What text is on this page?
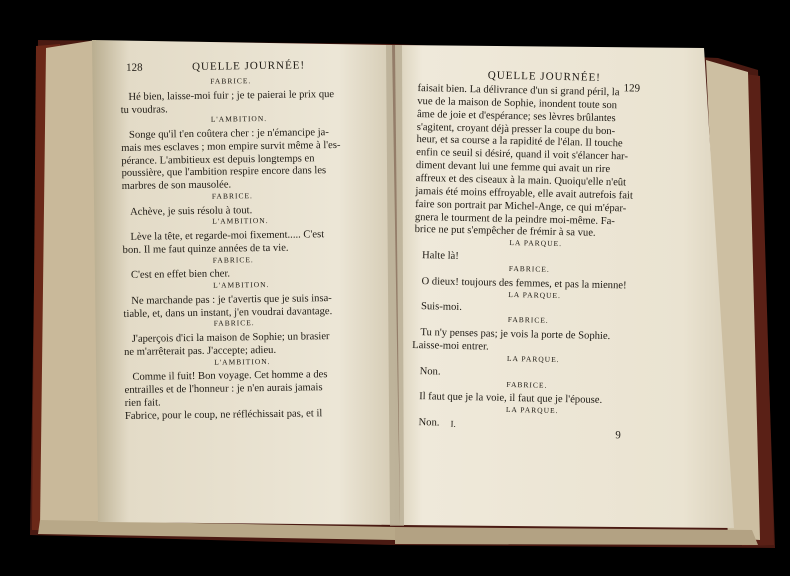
128	QUELLE JOURNÉE!
FABRICE.
Hé bien, laisse-moi fuir ; je te paierai le prix que
tu voudras.
L'AMBITION.
Songe qu'il t'en coûtera cher : je n'émancipe ja-
mais mes esclaves ; mon empire survit même à l'es-
pérance. L'ambitieux est depuis longtemps en
poussière, que l'ambition respire encore dans les
marbres de son mausolée.
FABRICE.
Achève, je suis résolu à tout.
L'AMBITION.
Lève la tête, et regarde-moi fixement..... C'est
bon. Il me faut quinze années de ta vie.
FABRICE.
C'est en effet bien cher.
L'AMBITION.
Ne marchande pas : je t'avertis que je suis insa-
tiable, et, dans un instant, j'en voudrai davantage.
FABRICE.
J'aperçois d'ici la maison de Sophie; un brasier
ne m'arrêterait pas. J'accepte; adieu.
L'AMBITION.
Comme il fuit! Bon voyage. Cet homme a des
entrailles et de l'honneur : je n'en aurais jamais
rien fait.
Fabrice, pour le coup, ne réfléchissait pas, et il
QUELLE JOURNÉE!
129
faisait bien. La délivrance d'un si grand péril, la
vue de la maison de Sophie, inondent toute son
âme de joie et d'espérance; ses lèvres brûlantes
s'agitent, croyant déjà presser la coupe du bon-
heur, et sa course a la rapidité de l'élan. Il touche
enfin ce seuil si désiré, quand il voit s'élancer har-
diment devant lui une femme qui avait un rire
affreux et des ciseaux à la main. Quoiqu'elle n'eût
jamais été moins effroyable, elle avait autrefois fait
faire son portrait par Michel-Ange, ce qui m'épar-
gnera le tourment de la peindre moi-même. Fa-
brice ne put s'empêcher de frémir à sa vue.
LA PARQUE.
Halte là!
FABRICE.
O dieux! toujours des femmes, et pas la mienne!
LA PARQUE.
Suis-moi.
FABRICE.
Tu n'y penses pas; je vois la porte de Sophie.
Laisse-moi entrer.
LA PARQUE.
Non.
FABRICE.
Il faut que je la voie, il faut que je l'épouse.
LA PARQUE.
Non. I.
9
